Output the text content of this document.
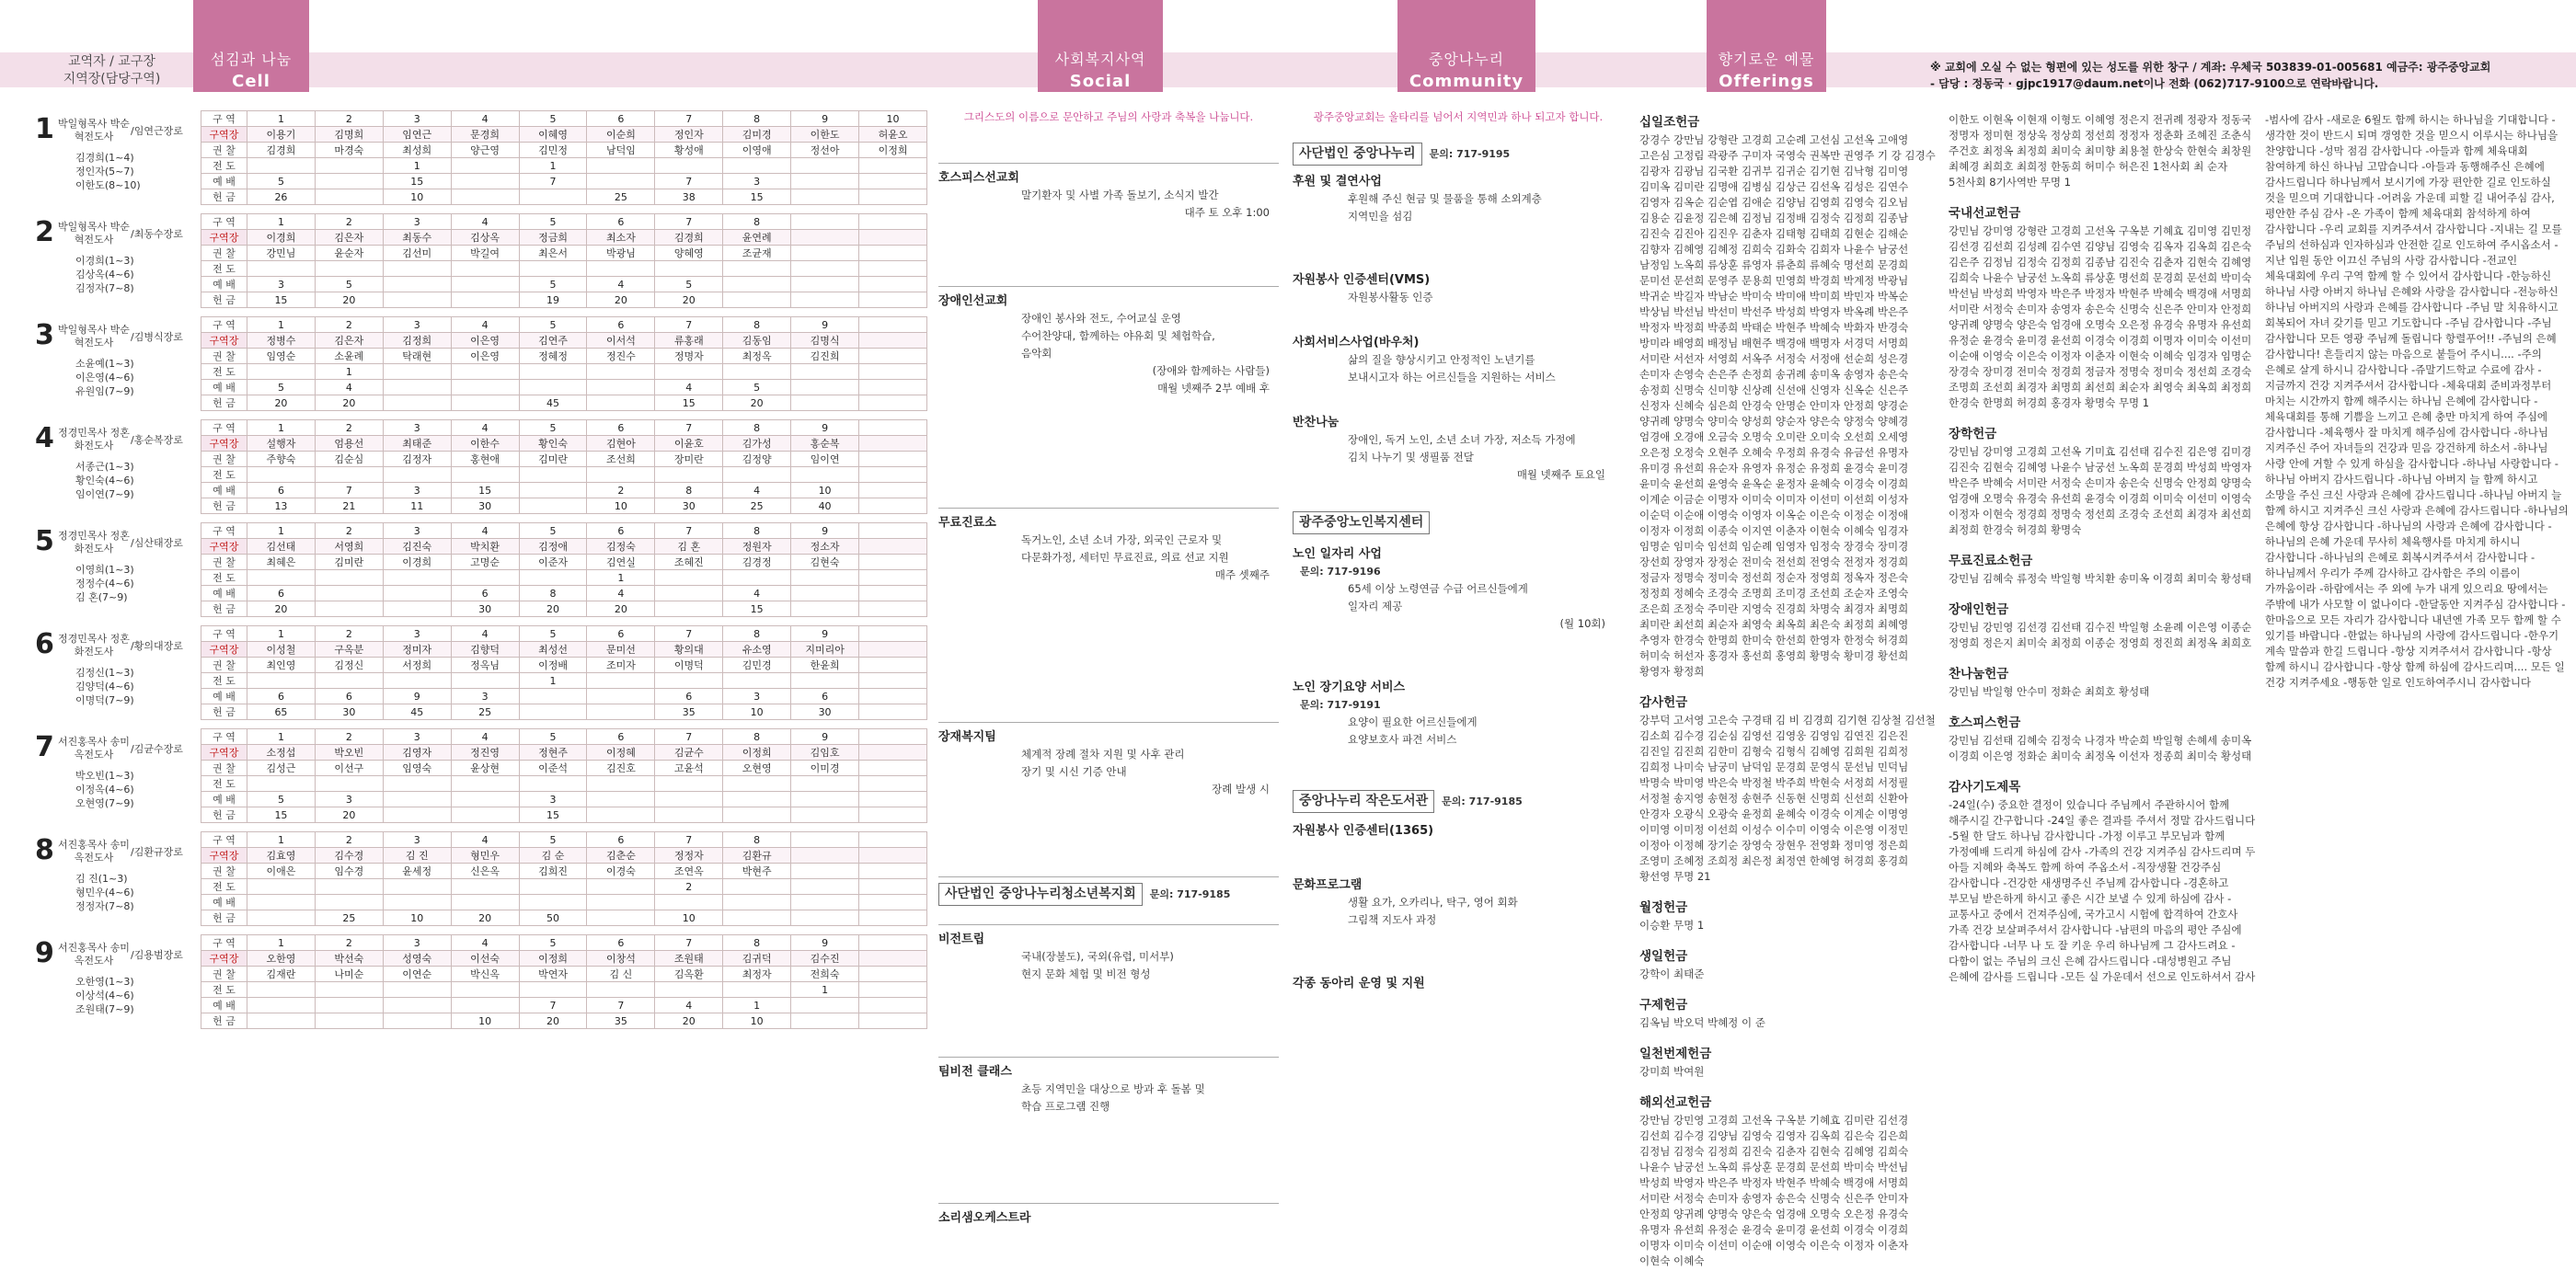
교역자 / 교구장
지역장(담당구역)
섬김과 나눔
Cell Meetings
사회복지사역
Social Works
중앙나누리
Community Center
향기로운 예물
Offerings
※ 교회에 오실 수 없는 형편에 있는 성도를 위한 창구 / 계좌: 우체국 503839-01-005681 예금주: 광주중앙교회
- 담당 : 정동국 · gjpc1917@daum.net이나 전화 (062)717-9100으로 연락바랍니다.
1 박일형목사 박순혁전도사	/임연근장로
김경희(1~4)
정인자(5~7)
이한도(8~10)
구 역	1	2	3	4	5	6	7	8	9	10
구역장	이용기	김명희	임연근	문경희	이혜영	이순희	정인자	김미경	이한도	허윤오
권 찰	김경희	마경숙	최성희	양근영	김민정	남덕임	황성애	이영애	정선아	이정희
전 도			1		1					
예 배	5		15		7		7	3		
헌 금	26		10			25	38	15		
2 박일형목사 박순혁전도사	/최동수장로
이경희(1~3)
김상옥(4~6)
김정자(7~8)
구 역	1	2	3	4	5	6	7	8		
구역장	이경희	김은자	최동수	김상옥	정금희	최소자	김경희	윤연례		
권 찰	강민님	윤순자	김선미	박길여	최은서	박광님	양혜영	조균재		
전 도										
예 배	3	5			5	4	5			
헌 금	15	20			19	20	20			
3 박일형목사 박순혁전도사	/김병식장로
소윤예(1~3)
이은영(4~6)
유원임(7~9)
구 역	1	2	3	4	5	6	7	8	9	
구역장	정병수	김은자	김정희	이은영	김연주	이서석	류홍래	김동임	김명식	
권 찰	임영순	소윤례	탁래현	이은영	정혜정	정진수	정명자	최정옥	김진희	
전 도		1								
예 배	5	4					4	5		
헌 금	20	20			45		15	20		
4 정경민목사 정혼화전도사	/홍순복장로
서종근(1~3)
황인숙(4~6)
임이연(7~9)
구 역	1	2	3	4	5	6	7	8	9	
구역장	설행자	엄용선	최태준	이한수	황인숙	김현아	이윤호	김가성	홍순복	
권 찰	주향숙	김순심	김정자	홍현애	김미란	조선희	장미란	김정양	임이연	
전 도										
예 배	6	7	3	15		2	8	4	10	
헌 금	13	21	11	30		10	30	25	40	
5 정경민목사 정혼화전도사	/심산태장로
이영희(1~3)
정정수(4~6)
김 혼(7~9)
구 역	1	2	3	4	5	6	7	8	9	
구역장	김선태	서영희	김진숙	박치환	김정애	김정숙	김 혼	정원자	정소자	
권 찰	최혜은	김미란	이경희	고명순	이준자	김연실	조혜진	김경정	김현숙	
전 도						1				
예 배	6			6	8	4		4		
헌 금	20			30	20	20		15		
6 정경민목사 정혼화전도사	/황의대장로
김정신(1~3)
김양덕(4~6)
이명덕(7~9)
구 역	1	2	3	4	5	6	7	8	9	
구역장	이성철	구옥분	정미자	김향덕	최성선	문미선	황의대	유소영	지미리아	
권 찰	최인영	김정신	서정희	정옥님	이정배	조미자	이명덕	김민경	한윤희	
전 도					1					
예 배	6	6	9	3			6	3	6	
헌 금	65	30	45	25			35	10	30	
7 서진홍목사 송미옥전도사	/김균수장로
박오빈(1~3)
이정옥(4~6)
오현영(7~9)
구 역	1	2	3	4	5	6	7	8	9	
구역장	소정섭	박오빈	김영자	정진영	정현주	이정혜	김균수	이정희	김임호	
권 찰	김성근	이선구	임영숙	윤상현	이준석	김진호	고윤석	오현영	이미경	
전 도										
예 배	5	3			3					
헌 금	15	20			15					
8 서진홍목사 송미옥전도사	/김환규장로
김 진(1~3)
형민우(4~6)
정정자(7~8)
구 역	1	2	3	4	5	6	7	8		
구역장	김효영	김수경	김 진	형민우	김 순	김춘순	정정자	김환규		
권 찰	이애은	임수경	윤세정	신은옥	김희진	이경숙	조연옥	박현주		
전 도							2			
예 배										
헌 금		25	10	20	50		10			
9 서진홍목사 송미옥전도사	/김용범장로
오한영(1~3)
이상석(4~6)
조원태(7~9)
구 역	1	2	3	4	5	6	7	8	9	
구역장	오한영	박선숙	성영숙	이선숙	이정희	이창석	조원태	김귀덕	김수진	
권 찰	김재란	나미순	이연순	박신옥	박연자	김 신	김옥환	최정자	전희숙	
전 도									1	
예 배					7	7	4	1		
헌 금				10	20	35	20	10		
그리스도의 이름으로 문안하고 주님의 사랑과 축복을 나눕니다.
호스피스선교회
말기환자 및 사별 가족 돌보기, 소식지 발간
대주 토 오후 1:00
장애인선교회
장애인 봉사와 전도, 수어교실 운영
수어찬양대, 함께하는 야유회 및 체험학습,
음악회
(장애와 함께하는 사람들)
매월 넷째주 2부 예배 후
무료진료소
독거노인, 소년 소녀 가장, 외국인 근로자 및
다문화가정, 세터민 무료진료, 의료 선교 지원
매주 셋째주
장재복지팀
체계적 장례 절차 지원 및 사후 관리
장기 및 시신 기증 안내
장례 발생 시
사단법인 중앙나누리청소년복지회 문의: 717-9185
비전트립
국내(장불도), 국외(유럽, 미서부)
현지 문화 체험 및 비전 형성
팀비전 클래스
초등 지역민을 대상으로 방과 후 돌봄 및
학습 프로그램 진행
소리샘오케스트라
광주중앙교회는 울타리를 넘어서 지역민과 하나 되고자 합니다.
사단법인 중앙나누리 문의: 717-9195
후원 및 결연사업
후원해 주신 현금 및 물품을 통해 소외계층
지역민을 섬김
자원봉사 인증센터(VMS)
자원봉사활동 인증
사회서비스사업(바우처)
삶의 질을 향상시키고 안정적인 노년기를
보내시고자 하는 어르신들을 지원하는 서비스
반찬나눔
장애인, 독거 노인, 소년 소녀 가장, 저소득 가정에
김치 나누기 및 생필품 전달
매월 넷째주 토요일
광주중앙노인복지센터
노인 일자리 사업
문의: 717-9196
65세 이상 노령연금 수급 어르신들에게
일자리 제공
(월 10회)
노인 장기요양 서비스
문의: 717-9191
요양이 필요한 어르신들에게
요양보호사 파견 서비스
중앙나누리 작은도서관 문의: 717-9185
자원봉사 인증센터(1365)
문화프로그램
생활 요가, 오카리나, 탁구, 영어 회화
그림책 지도사 과정
각종 동아리 운영 및 지원
십일조헌금
강경수 강만님 강형란 고경희 고순례 고선심 고선옥 고애영 고은심 고정림 곽광주 구미자 국영숙 권복만 권영주 기 강 김경수 김광자 김광님 김국환 김귀부 김귀순 김기현 김낙형 김미영 김미옥 김미란 김명애 김병심 김상근 김선옥 김성은 김연수 김영자 김옥순 김순엽 김애순 김양님 김영희 김영숙 김오님 김용순 김윤정 김은혜 김정님 김정배 김정숙 김정희 김종남 김진숙 김진아 김진우 김춘자 김태형 김태희 김현순 김해순 김향자 김혜영 김혜정 김희숙 김화숙 김희자 나윤수 남궁선 남정임 노옥희 류상훈 류영자 류춘희 류혜숙 명선희 문경희 문미선 문선희 문영주 문용희 민영희 박경희 박계정 박광님 박귀순 박길자 박남순 박미숙 박미애 박미희 박민자 박복순 박상님 박선님 박선미 박선주 박성희 박영자 박옥례 박은주 박정자 박정희 박종희 박태순 박현주 박혜숙 박화자 반경숙 방미라 배영희 배정님 배현주 백경애 백명자 서경덕 서명희 서미란 서선자 서영희 서옥주 서정숙 서정애 선순희 성은경 손미자 손영숙 손은주 손정희 송귀례 송미옥 송영자 송은숙 송정희 신명숙 신미향 신상례 신선애 신영자 신옥순 신은주 신정자 신혜숙 심은희 안경숙 안명순 안미자 안정희 양경순 양귀례 양명숙 양미숙 양성희 양순자 양은숙 양정숙 양혜경 엄경애 오경애 오금숙 오명숙 오미란 오미숙 오선희 오세영 오은정 오정숙 오현주 오혜숙 우정희 유경숙 유금선 유명자 유미경 유선희 유순자 유영자 유정순 유정희 윤경숙 윤미경 윤미숙 윤선희 윤영숙 윤옥순 윤정자 윤혜숙 이경숙 이경희 이계순 이금순 이명자 이미숙 이미자 이선미 이선희 이성자 이순덕 이순애 이영숙 이영자 이옥순 이은숙 이정순 이정애 이정자 이정희 이종숙 이지연 이춘자 이현숙 이혜숙 임경자 임명순 임미숙 임선희 임순례 임영자 임정숙 장경숙 장미경 장선희 장영자 장정순 전미숙 전선희 전영숙 전정자 정경희 정금자 정명숙 정미숙 정선희 정순자 정영희 정옥자 정은숙 정정희 정혜숙 조경숙 조명희 조미경 조선희 조순자 조영숙 조은희 조정숙 주미란 지영숙 진경희 차명숙 최경자 최명희 최미란 최선희 최순자 최영숙 최옥희 최은숙 최정희 최혜영 추영자 한경숙 한명희 한미숙 한선희 한영자 한정숙 허경희 허미숙 허선자 홍경자 홍선희 홍영희 황명숙 황미경 황선희 황영자 황정희
감사헌금
강부덕 고서영 고은숙 구경태 김 비 김경희 김기현 김상철 김선철 김소희 김수경 김순심 김영선 김영웅 김영임 김연진 김은진 김진일 김진희 김한미 김형숙 김형식 김혜영 김희원 김희정 김희정 나미숙 남궁미 남덕임 문경희 문영식 문선님 민덕님 박명숙 박미영 박은숙 박정철 박주희 박현숙 서정희 서정필 서정철 송지영 송현정 송현주 신동현 신명희 신선희 신환아 안경자 오광식 오광숙 윤정희 윤혜숙 이경숙 이계순 이명영 이미영 이미정 이선희 이성수 이수미 이영숙 이은영 이정민 이정아 이정혜 장기순 장영숙 장현우 전영화 정미영 정은희 조영미 조혜정 조희정 최은정 최정연 한혜영 허경희 홍경희 황선영 무명 21
월정헌금
이승환 무명 1
생일헌금
강학이 최태준
구제헌금
김옥님 박오덕 박혜정 이 준
일천번제헌금
강미희 박여원
해외선교헌금
강만님 강민영 고경희 고선옥 구옥분 기혜효 김미란 김선경 김선희 김수경 김양님 김영숙 김영자 김옥희 김은숙 김은희 김정님 김정숙 김정희 김진숙 김춘자 김현숙 김혜영 김희숙 나윤수 남궁선 노옥희 류상훈 문경희 문선희 박미숙 박선님 박성희 박영자 박은주 박정자 박현주 박혜숙 백경애 서명희 서미란 서정숙 손미자 송영자 송은숙 신명숙 신은주 안미자 안정희 양귀례 양명숙 양은숙 엄경애 오명숙 오은정 유경숙 유명자 유선희 유정순 윤경숙 윤미경 윤선희 이경숙 이경희 이명자 이미숙 이선미 이순애 이영숙 이은숙 이정자 이춘자 이현숙 이혜숙
이한도 이현옥 이현재 이형도 이혜영 정은지 전귀례 정광자 정동국 정명자 정미현 정상욱 정상희 정선희 정정자 정춘화 조혜진 조춘식 주건호 최정옥 최정희 최미숙 최미향 최용철 한상숙 한현숙 최창원 최혜경 최희호 최희정 한동희 허미수 허은진 1천사회 최 순자 5천사회 8기사역반 무명 1
국내선교헌금
강민님 강미영 강형란 고경희 고선옥 구옥분 기혜효 김미영 김민정 김선경 김선희 김성례 김수연 김양님 김영숙 김옥자 김옥희 김은숙 김은주 김정님 김정숙 김정희 김종남 김진숙 김춘자 김현숙 김혜영 김희숙 나윤수 남궁선 노옥희 류상훈 명선희 문경희 문선희 박미숙 박선님 박성희 박영자 박은주 박정자 박현주 박혜숙 백경애 서명희 서미란 서정숙 손미자 송영자 송은숙 신명숙 신은주 안미자 안정희 양귀례 양명숙 양은숙 엄경애 오명숙 오은정 유경숙 유명자 유선희 유정순 윤경숙 윤미경 윤선희 이경숙 이경희 이명자 이미숙 이선미 이순애 이영숙 이은숙 이정자 이춘자 이현숙 이혜숙 임경자 임명순 장경숙 장미경 전미숙 정경희 정금자 정명숙 정미숙 정선희 조경숙 조명희 조선희 최경자 최명희 최선희 최순자 최영숙 최옥희 최정희 한경숙 한명희 허경희 홍경자 황명숙 무명 1
장학헌금
강민님 강미영 고경희 고선옥 기미효 김선태 김수진 김은영 김미경 김진숙 김현숙 김혜영 나윤수 남궁선 노옥희 문경희 박성희 박영자 박은주 박혜숙 서미란 서정숙 손미자 송은숙 신명숙 안정희 양명숙 엄경애 오명숙 유경숙 유선희 윤경숙 이경희 이미숙 이선미 이영숙 이정자 이현숙 정경희 정명숙 정선희 조경숙 조선희 최경자 최선희 최정희 한경숙 허경희 황명숙
무료진료소헌금
강민님 김혜숙 류정숙 박일형 박치환 송미옥 이경희 최미숙 황성태
장애인헌금
강민님 강민영 김선경 김선태 김수진 박일형 소윤례 이은영 이종순 정영희 정은지 최미숙 최정희 이종순 정영희 정진희 최정옥 최희호
찬나눔헌금
강민님 박일형 안수미 정화순 최희호 황성태
호스피스헌금
강민님 김선태 김혜숙 김정숙 나경자 박순희 박일형 손혜세 송미옥 이경희 이은영 정화순 최미숙 최정옥 이선자 정종희 최미숙 황성태
감사기도제목
-24일(수) 중요한 결정이 있습니다 주님께서 주관하시어 함께 해주시길 간구합니다 -24일 좋은 결과를 주셔서 정말 감사드립니다 -5월 한 달도 하나님 감사합니다 -가정 이루고 부모님과 함께 가정예배 드리게 하심에 감사 -가족의 건강 지켜주심 감사드리며 두 아들 지혜와 축복도 함께 하여 주옵소서 -직장생활 건강주심 감사합니다 -건강한 새생명주신 주님께 감사합니다 -경혼하고 부모님 받은하게 하시고 좋은 시간 보낼 수 있게 하심에 감사 -교통사고 중에서 건져주심에, 국가고시 시험에 합격하여 간호사 가족 건강 보살펴주셔서 감사합니다 -남편의 마음의 평안 주심에 감사합니다 -너무 나 도 잘 키운 우리 하나님께 그 감사드려요 -다함이 없는 주님의 크신 은혜 감사드립니다 -대성병원고 주님 은혜에 감사를 드립니다 -모든 실 가운데서 선으로 인도하셔서 감사
-범사에 감사 -새로운 6월도 함께 하시는 하나님을 기대합니다 -생각한 것이 반드시 되며 갱영한 것을 믿으시 이루시는 하나님을 찬양합니다 -성막 점검 감사합니다 -아들과 함께 체육대회 참여하게 하신 하나님 고맙습니다 -아들과 동행해주신 은혜에 감사드립니다 하나님께서 보시기에 가장 편안한 길로 인도하실 것을 믿으며 기대합니다 -어려움 가운데 피할 길 내어주심 감사, 평안한 주심 감사 -온 가족이 함께 체육대회 참석하게 하여 감사합니다 -우리 교회를 지켜주셔서 감사합니다 -지내는 길 모를 주님의 선하심과 인자하심과 안전한 길로 인도하여 주시옵소서 -지난 입원 동안 이끄신 주님의 사랑 감사합니다 -전교인 체육대회에 우리 구역 함께 할 수 있어서 감사합니다 -한능하신 하나님 사랑 아버지 하나님 은혜와 사랑을 감사합니다 -전능하신 하나님 아버지의 사랑과 은혜를 감사합니다 -주님 말 치유하시고 회복되어 자녀 갖기를 믿고 기도합니다 -주님 감사합니다 -주님 감사합니다 모든 영광 주님께 돌립니다 항렬푸어!! -주님의 은혜 감사합니다! 흔들리지 않는 마음으로 붙들어 주시니.... -주의 은혜로 살게 하시니 감사합니다 -쥬말기드학교 수료에 감사 -지금까지 건강 지켜주셔서 감사합니다 -체육대회 준비과정부터 마치는 시간까지 함께 해주시는 하나님 은혜에 감사합니다 -체육대회를 통해 기쁨을 느끼고 은혜 충만 마치게 하여 주심에 감사합니다 -체육행사 잘 마치게 해주심에 감사합니다 -하나님 지켜주신 주어 자녀들의 건강과 믿음 강건하게 하소서 -하나님 사랑 안에 거할 수 있게 하심을 감사합니다 -하나님 사랑합니다 -하나님 아버지 감사드립니다 -하나님 아버지 늘 함께 하시고 소망을 주신 크신 사랑과 은혜에 감사드립니다 -하나님 아버지 늘 함께 하시고 지켜주신 크신 사랑과 은혜에 감사드립니다 -하나님의 은혜에 항상 감사합니다 -하나님의 사랑과 은혜에 감사합니다 -하나님의 은혜 가운데 무사히 체육행사를 마치게 하시니 감사합니다 -하나님의 은혜로 회복시켜주셔서 감사합니다 -하나님께서 우리가 주께 감사하고 감사함은 주의 이름이 가까움이라 -하람에서는 주 외에 누가 내게 있으리요 땅에서는 주밖에 내가 사모할 이 없나이다 -한달동안 지켜주심 감사합니다 -한마음으로 모든 자리가 감사합니다 내년엔 가족 모두 함께 할 수 있기를 바랍니다 -한없는 하나님의 사랑에 감사드립니다 -한우기 계속 말씀과 한길 드립니다 -항상 지켜주셔서 감사합니다 -항상 함께 하시니 감사합니다 -항상 함께 하심에 감사드리며.... 모든 일 건강 지켜주세요 -행동한 일로 인도하여주시니 감사합니다
